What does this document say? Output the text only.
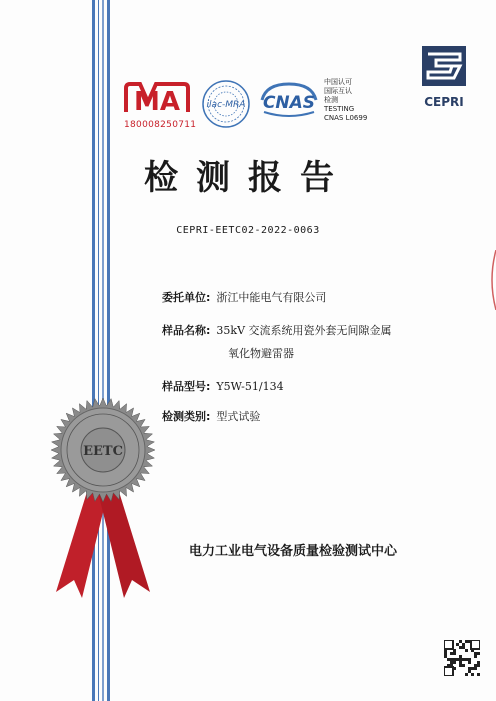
MA
180008250711
ilac-MRA CNAS
中国认可
国际互认
检测
TESTING
CNAS L0699
CEPRI
检测报告
CEPRI-EETC02-2022-0063
委托单位: 浙江中能电气有限公司
样品名称: 35kV 交流系统用瓷外套无间隙金属
氧化物避雷器
样品型号: Y5W-51/134
检测类别: 型式试验
EETC
电力工业电气设备质量检验测试中心
